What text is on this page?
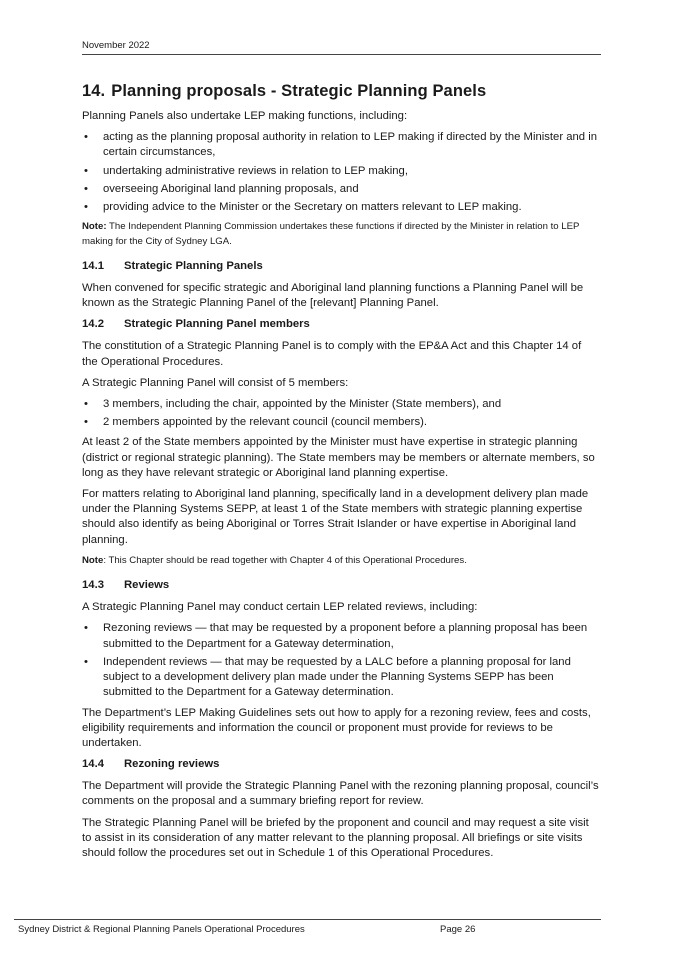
November 2022
14. Planning proposals - Strategic Planning Panels

Planning Panels also undertake LEP making functions, including:

• acting as the planning proposal authority in relation to LEP making if directed by the Minister and in certain circumstances,
• undertaking administrative reviews in relation to LEP making,
• overseeing Aboriginal land planning proposals, and
• providing advice to the Minister or the Secretary on matters relevant to LEP making.

Note: The Independent Planning Commission undertakes these functions if directed by the Minister in relation to LEP making for the City of Sydney LGA.

14.1 Strategic Planning Panels

When convened for specific strategic and Aboriginal land planning functions a Planning Panel will be known as the Strategic Planning Panel of the [relevant] Planning Panel.

14.2 Strategic Planning Panel members

The constitution of a Strategic Planning Panel is to comply with the EP&A Act and this Chapter 14 of the Operational Procedures.

A Strategic Planning Panel will consist of 5 members:

• 3 members, including the chair, appointed by the Minister (State members), and
• 2 members appointed by the relevant council (council members).

At least 2 of the State members appointed by the Minister must have expertise in strategic planning (district or regional strategic planning). The State members may be members or alternate members, so long as they have relevant strategic or Aboriginal land planning expertise.

For matters relating to Aboriginal land planning, specifically land in a development delivery plan made under the Planning Systems SEPP, at least 1 of the State members with strategic planning expertise should also identify as being Aboriginal or Torres Strait Islander or have expertise in Aboriginal land planning.

Note: This Chapter should be read together with Chapter 4 of this Operational Procedures.

14.3 Reviews

A Strategic Planning Panel may conduct certain LEP related reviews, including:

• Rezoning reviews — that may be requested by a proponent before a planning proposal has been submitted to the Department for a Gateway determination,
• Independent reviews — that may be requested by a LALC before a planning proposal for land subject to a development delivery plan made under the Planning Systems SEPP has been submitted to the Department for a Gateway determination.

The Department’s LEP Making Guidelines sets out how to apply for a rezoning review, fees and costs, eligibility requirements and information the council or proponent must provide for reviews to be undertaken.

14.4 Rezoning reviews

The Department will provide the Strategic Planning Panel with the rezoning planning proposal, council’s comments on the proposal and a summary briefing report for review.

The Strategic Planning Panel will be briefed by the proponent and council and may request a site visit to assist in its consideration of any matter relevant to the planning proposal. All briefings or site visits should follow the procedures set out in Schedule 1 of this Operational Procedures.

Sydney District & Regional Planning Panels Operational Procedures	Page 26
